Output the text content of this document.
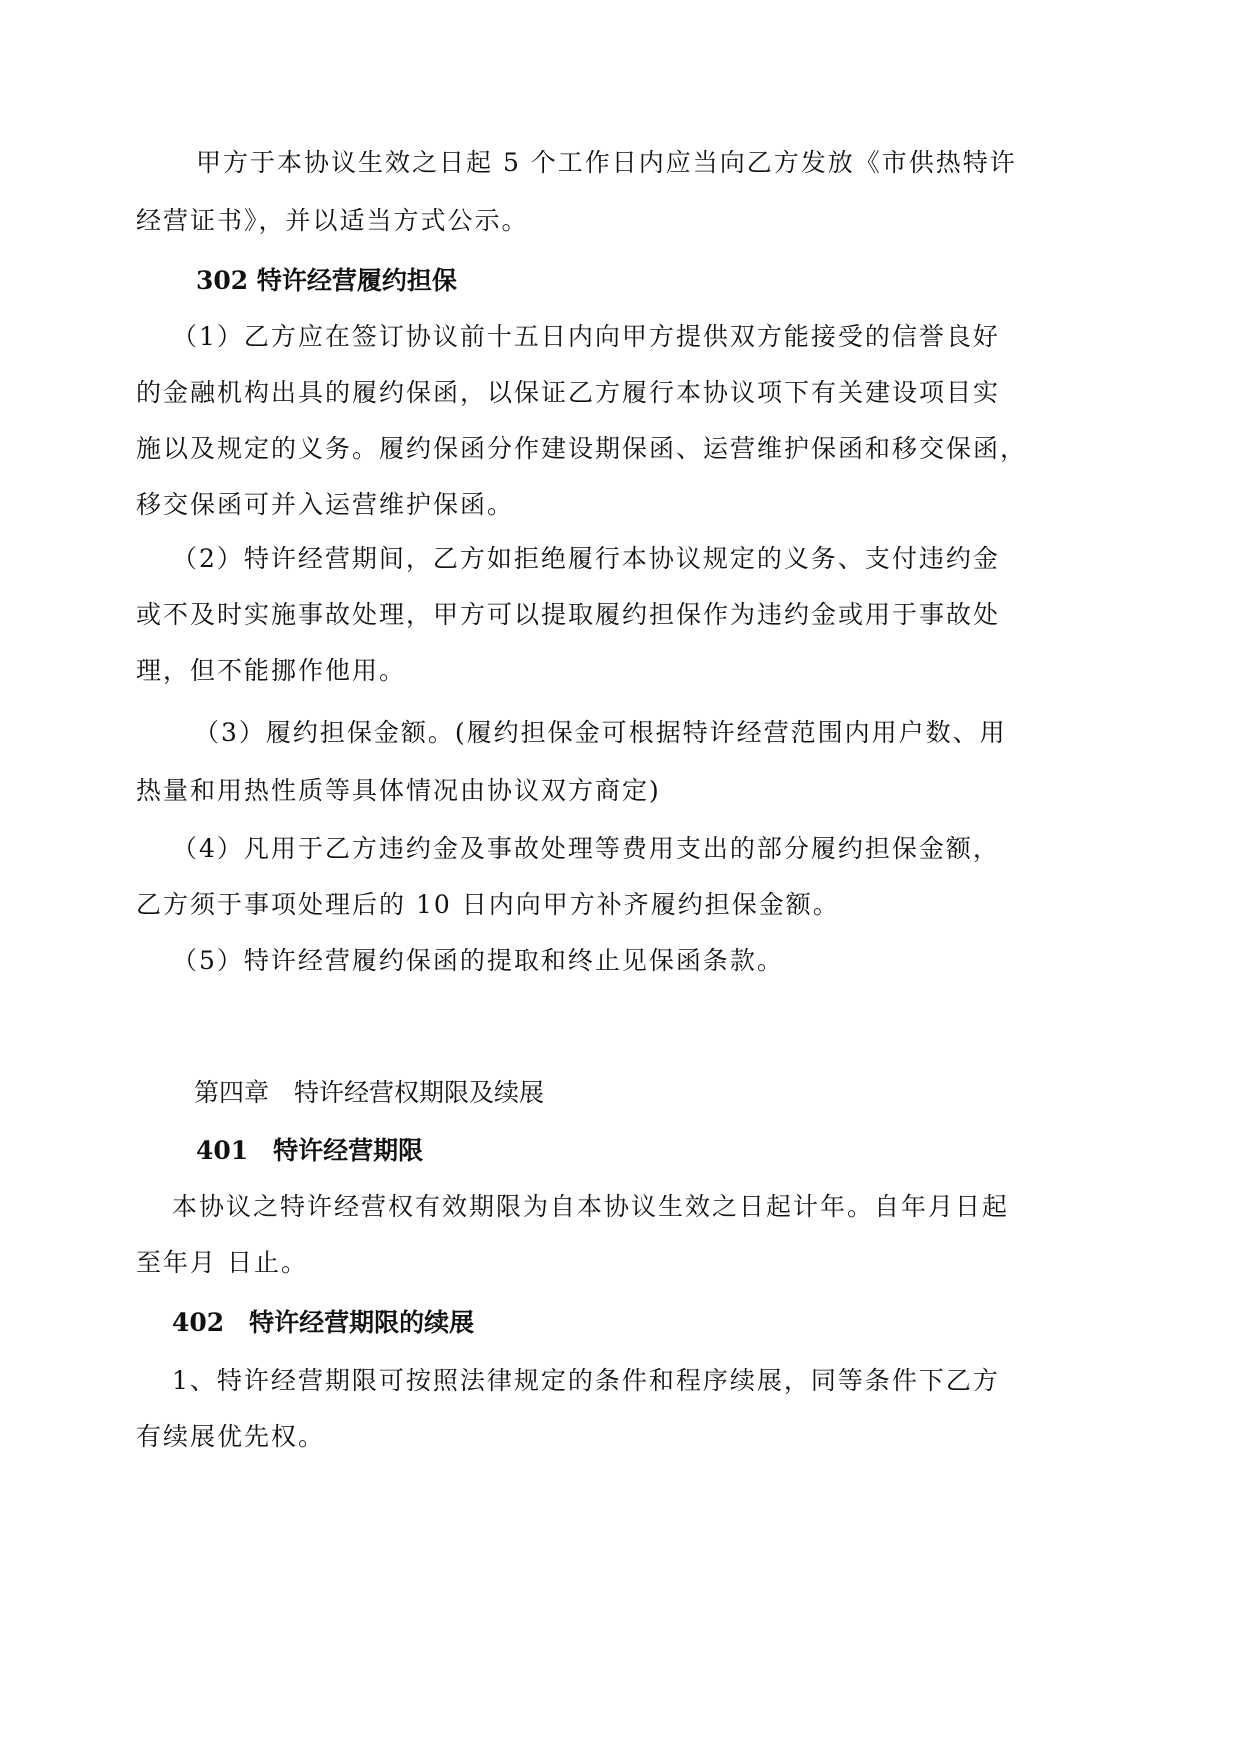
甲方于本协议生效之日起 5 个工作日内应当向乙方发放《市供热特许
经营证书》，并以适当方式公示。
302 特许经营履约担保
（1）乙方应在签订协议前十五日内向甲方提供双方能接受的信誉良好
的金融机构出具的履约保函，以保证乙方履行本协议项下有关建设项目实
施以及规定的义务。履约保函分作建设期保函、运营维护保函和移交保函，
移交保函可并入运营维护保函。
（2）特许经营期间，乙方如拒绝履行本协议规定的义务、支付违约金
或不及时实施事故处理，甲方可以提取履约担保作为违约金或用于事故处
理，但不能挪作他用。
（3）履约担保金额。(履约担保金可根据特许经营范围内用户数、用
热量和用热性质等具体情况由协议双方商定)
（4）凡用于乙方违约金及事故处理等费用支出的部分履约担保金额，
乙方须于事项处理后的 10 日内向甲方补齐履约担保金额。
（5）特许经营履约保函的提取和终止见保函条款。
第四章　特许经营权期限及续展
401　特许经营期限
本协议之特许经营权有效期限为自本协议生效之日起计年。自年月日起
至年月 日止。
402　特许经营期限的续展
1、特许经营期限可按照法律规定的条件和程序续展，同等条件下乙方
有续展优先权。
